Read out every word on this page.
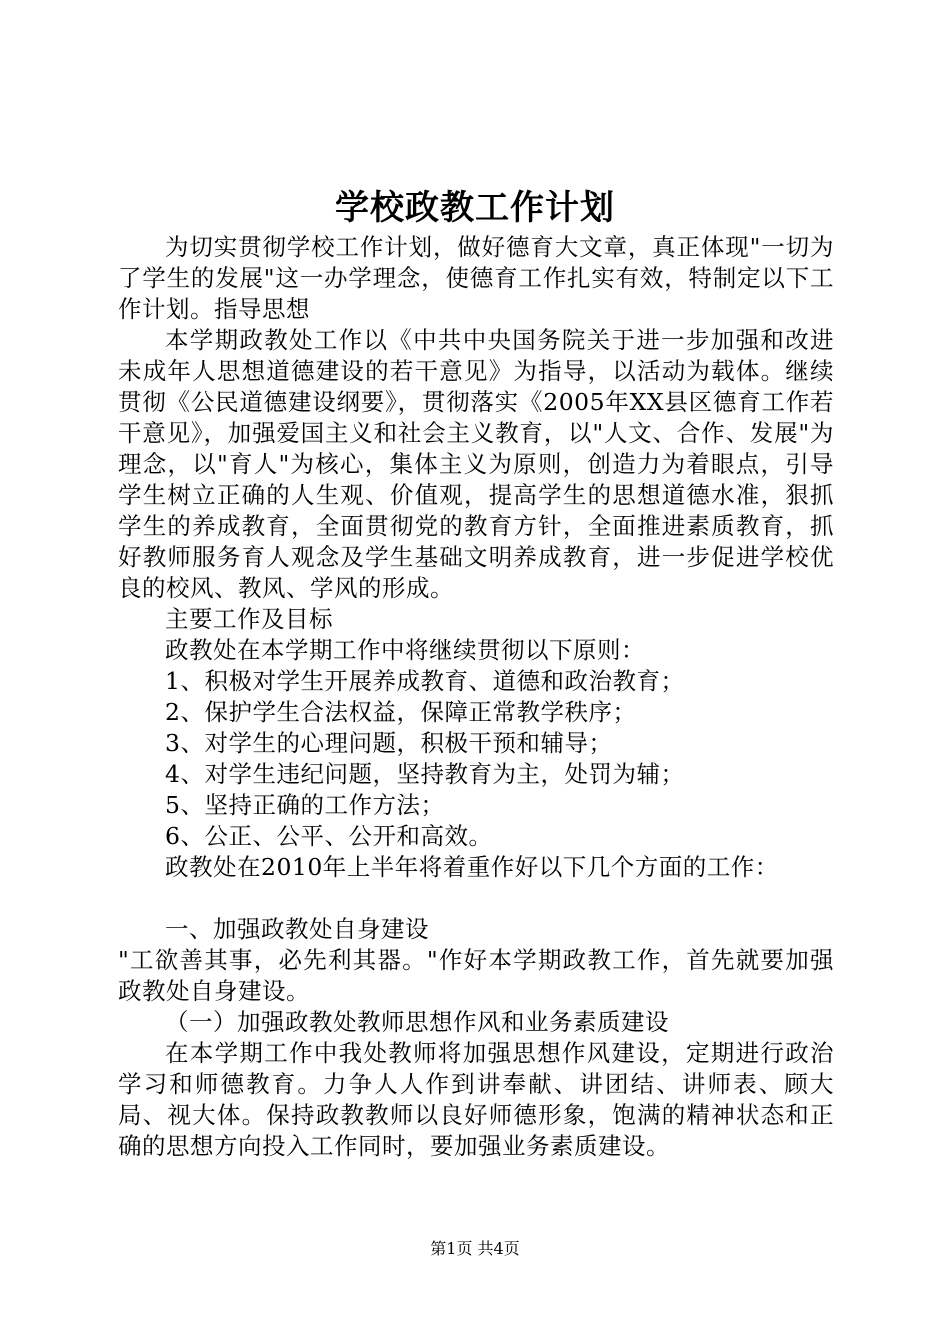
学校政教工作计划

为切实贯彻学校工作计划，做好德育大文章，真正体现"一切为了学生的发展"这一办学理念，使德育工作扎实有效，特制定以下工作计划。指导思想

本学期政教处工作以《中共中央国务院关于进一步加强和改进未成年人思想道德建设的若干意见》为指导，以活动为载体。继续贯彻《公民道德建设纲要》，贯彻落实《2005年XX县区德育工作若干意见》，加强爱国主义和社会主义教育，以"人文、合作、发展"为理念，以"育人"为核心，集体主义为原则，创造力为着眼点，引导学生树立正确的人生观、价值观，提高学生的思想道德水准，狠抓学生的养成教育，全面贯彻党的教育方针，全面推进素质教育，抓好教师服务育人观念及学生基础文明养成教育，进一步促进学校优良的校风、教风、学风的形成。

主要工作及目标

政教处在本学期工作中将继续贯彻以下原则：

1、积极对学生开展养成教育、道德和政治教育；

2、保护学生合法权益，保障正常教学秩序；

3、对学生的心理问题，积极干预和辅导；

4、对学生违纪问题，坚持教育为主，处罚为辅；

5、坚持正确的工作方法；

6、公正、公平、公开和高效。

政教处在2010年上半年将着重作好以下几个方面的工作：

一、加强政教处自身建设

"工欲善其事，必先利其器。"作好本学期政教工作，首先就要加强政教处自身建设。

（一）加强政教处教师思想作风和业务素质建设

在本学期工作中我处教师将加强思想作风建设，定期进行政治学习和师德教育。力争人人作到讲奉献、讲团结、讲师表、顾大局、视大体。保持政教教师以良好师德形象，饱满的精神状态和正确的思想方向投入工作同时，要加强业务素质建设。

第1页 共4页
